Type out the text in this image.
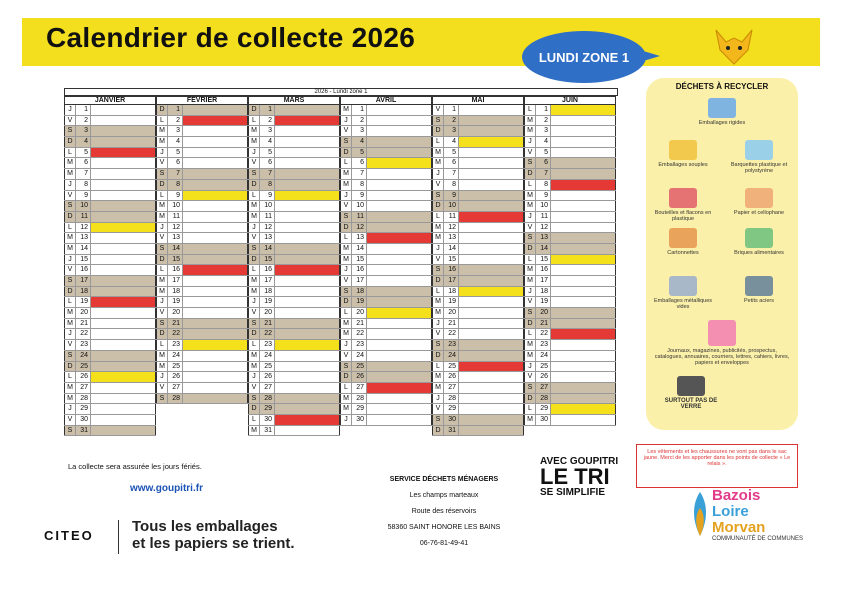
Calendrier de collecte 2026
LUNDI ZONE 1
2026 - Lundi zone 1
JANVIER
J	1
V	2
S	3
D	4
L	5
M	6
M	7
J	8
V	9
S	10
D	11
L	12
M	13
M	14
J	15
V	16
S	17
D	18
L	19
M	20
M	21
J	22
V	23
S	24
D	25
L	26
M	27
M	28
J	29
V	30
S	31
FEVRIER
D	1
L	2
M	3
M	4
J	5
V	6
S	7
D	8
L	9
M	10
M	11
J	12
V	13
S	14
D	15
L	16
M	17
M	18
J	19
V	20
S	21
D	22
L	23
M	24
M	25
J	26
V	27
S	28
MARS
D	1
L	2
M	3
M	4
J	5
V	6
S	7
D	8
L	9
M	10
M	11
J	12
V	13
S	14
D	15
L	16
M	17
M	18
J	19
V	20
S	21
D	22
L	23
M	24
M	25
J	26
V	27
S	28
D	29
L	30
M	31
AVRIL
M	1
J	2
V	3
S	4
D	5
L	6
M	7
M	8
J	9
V	10
S	11
D	12
L	13
M	14
M	15
J	16
V	17
S	18
D	19
L	20
M	21
M	22
J	23
V	24
S	25
D	26
L	27
M	28
M	29
J	30
MAI
V	1
S	2
D	3
L	4
M	5
M	6
J	7
V	8
S	9
D	10
L	11
M	12
M	13
J	14
V	15
S	16
D	17
L	18
M	19
M	20
J	21
V	22
S	23
D	24
L	25
M	26
M	27
J	28
V	29
S	30
D	31
JUIN
L	1
M	2
M	3
J	4
V	5
S	6
D	7
L	8
M	9
M	10
J	11
V	12
S	13
D	14
L	15
M	16
M	17
J	18
V	19
S	20
D	21
L	22
M	23
M	24
J	25
V	26
S	27
D	28
L	29
M	30
DÉCHETS À RECYCLER
Emballages rigides
Emballages souples	Barquettes plastique et polystyrène
Bouteilles et flacons en plastique
Papier et cellophane
Cartonnettes	Briques alimentaires
Emballages métalliques vides
Petits aciers
Journaux, magazines, publicités, prospectus, catalogues, annuaires, courriers, lettres, cahiers, livres, papiers et enveloppes
SURTOUT PAS DE VERRE
Les vêtements et les chaussures ne vont pas dans le sac jaune. Merci de les apporter dans les points de collecte « Le relais ».
La collecte sera assurée les jours fériés.
www.goupitri.fr
CITEO
Tous les emballages
et les papiers se trient.
SERVICE DÉCHETS MÉNAGERS
Les champs marteaux
Route des réservoirs
58360 SAINT HONORE LES BAINS
06-76-81-49-41
AVEC GOUPITRI
LE TRI
SE SIMPLIFIE	Bazois
Loire
Morvan
COMMUNAUTÉ DE COMMUNES
